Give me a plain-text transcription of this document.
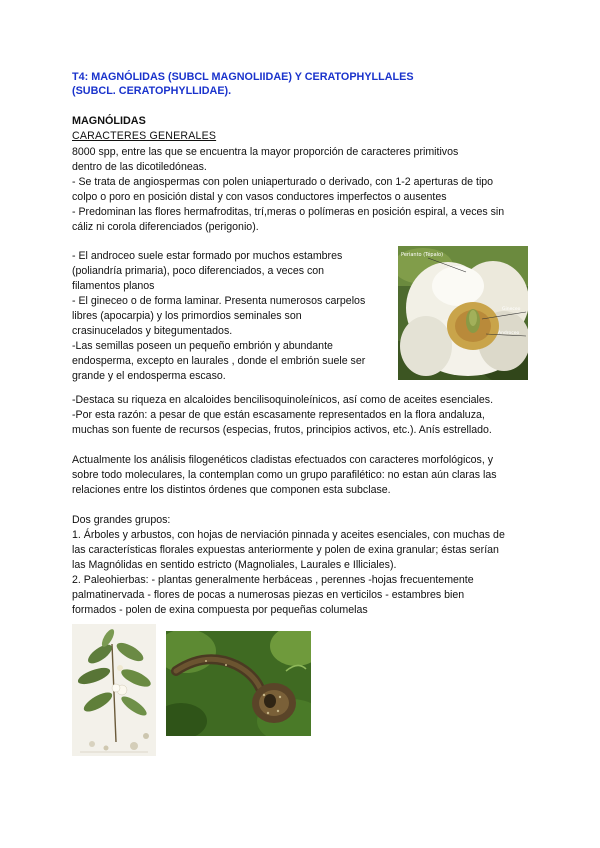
T4: MAGNÓLIDAS (SUBCL MAGNOLIIDAE) Y CERATOPHYLLALES
(SUBCL. CERATOPHYLLIDAE).
MAGNÓLIDAS
CARACTERES GENERALES
8000 spp, entre las que se encuentra la mayor proporción de caracteres primitivos
dentro de las dicotiledóneas.
- Se trata de angiospermas con polen uniaperturado o derivado, con 1-2 aperturas de tipo
colpo o poro en posición distal y con vasos conductores imperfectos o ausentes
- Predominan las flores hermafroditas, trí,meras o polímeras en posición espiral, a veces sin
cáliz ni corola diferenciados (perigonio).
- El androceo suele estar formado por muchos estambres
(poliandría primaria), poco diferenciados, a veces con
filamentos planos
- El gineceo o de forma laminar. Presenta numerosos carpelos
libres (apocarpia) y los primordios seminales son
crasinucelados y bitegumentados.
-Las semillas poseen un pequeño embrión y abundante
endosperma, excepto en laurales , donde el embrión suele ser
grande y el endosperma escaso.
Perianto (Tépalo)
Gineceo
Androceo
-Destaca su riqueza en alcaloides bencilisoquinoleínicos, así como de aceites esenciales.
-Por esta razón: a pesar de que están escasamente representados en la flora andaluza,
muchas son fuente de recursos (especias, frutos, principios activos, etc.). Anís estrellado.
Actualmente los análisis filogenéticos cladistas efectuados con caracteres morfológicos, y
sobre todo moleculares, la contemplan como un grupo parafilético: no estan aún claras las
relaciones entre los distintos órdenes que componen esta subclase.
Dos grandes grupos:
1. Árboles y arbustos, con hojas de nerviación pinnada y aceites esenciales, con muchas de
las características florales expuestas anteriormente y polen de exina granular; éstas serían
las Magnólidas en sentido estricto (Magnoliales, Laurales e Illiciales).
2. Paleohierbas: - plantas generalmente herbáceas , perennes -hojas frecuentemente
palmatinervada - flores de pocas a numerosas piezas en verticilos - estambres bien
formados - polen de exina compuesta por pequeñas columelas
